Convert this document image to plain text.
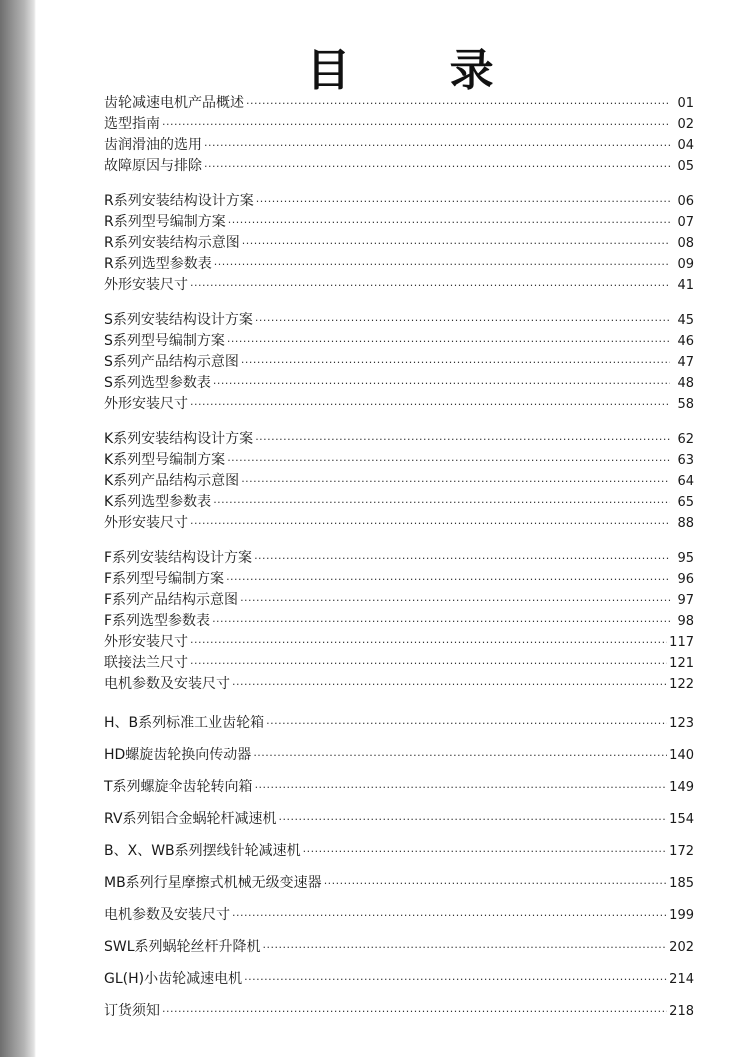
目 录
齿轮减速电机产品概述 ·····	01
选型指南 ·····	02
齿润滑油的选用 ·····	04
故障原因与排除 ·····	05
R系列安装结构设计方案 ·····	06
R系列型号编制方案 ·····	07
R系列安装结构示意图 ·····	08
R系列选型参数表 ·····	09
外形安装尺寸 ·····	41
S系列安装结构设计方案 ·····	45
S系列型号编制方案 ·····	46
S系列产品结构示意图 ·····	47
S系列选型参数表 ·····	48
外形安装尺寸 ·····	58
K系列安装结构设计方案 ·····	62
K系列型号编制方案 ·····	63
K系列产品结构示意图 ·····	64
K系列选型参数表 ·····	65
外形安装尺寸 ·····	88
F系列安装结构设计方案 ·····	95
F系列型号编制方案 ·····	96
F系列产品结构示意图 ·····	97
F系列选型参数表 ·····	98
外形安装尺寸 ·····	117
联接法兰尺寸 ·····	121
电机参数及安装尺寸 ·····	122
H、B系列标准工业齿轮箱 ·····	123
HD螺旋齿轮换向传动器 ·····	140
T系列螺旋伞齿轮转向箱 ·····	149
RV系列铝合金蜗轮杆减速机 ·····	154
B、X、WB系列摆线针轮减速机 ·····	172
MB系列行星摩擦式机械无级变速器 ·····	185
电机参数及安装尺寸 ·····	199
SWL系列蜗轮丝杆升降机 ·····	202
GL(H)小齿轮减速电机 ·····	214
订货须知 ·····	218
